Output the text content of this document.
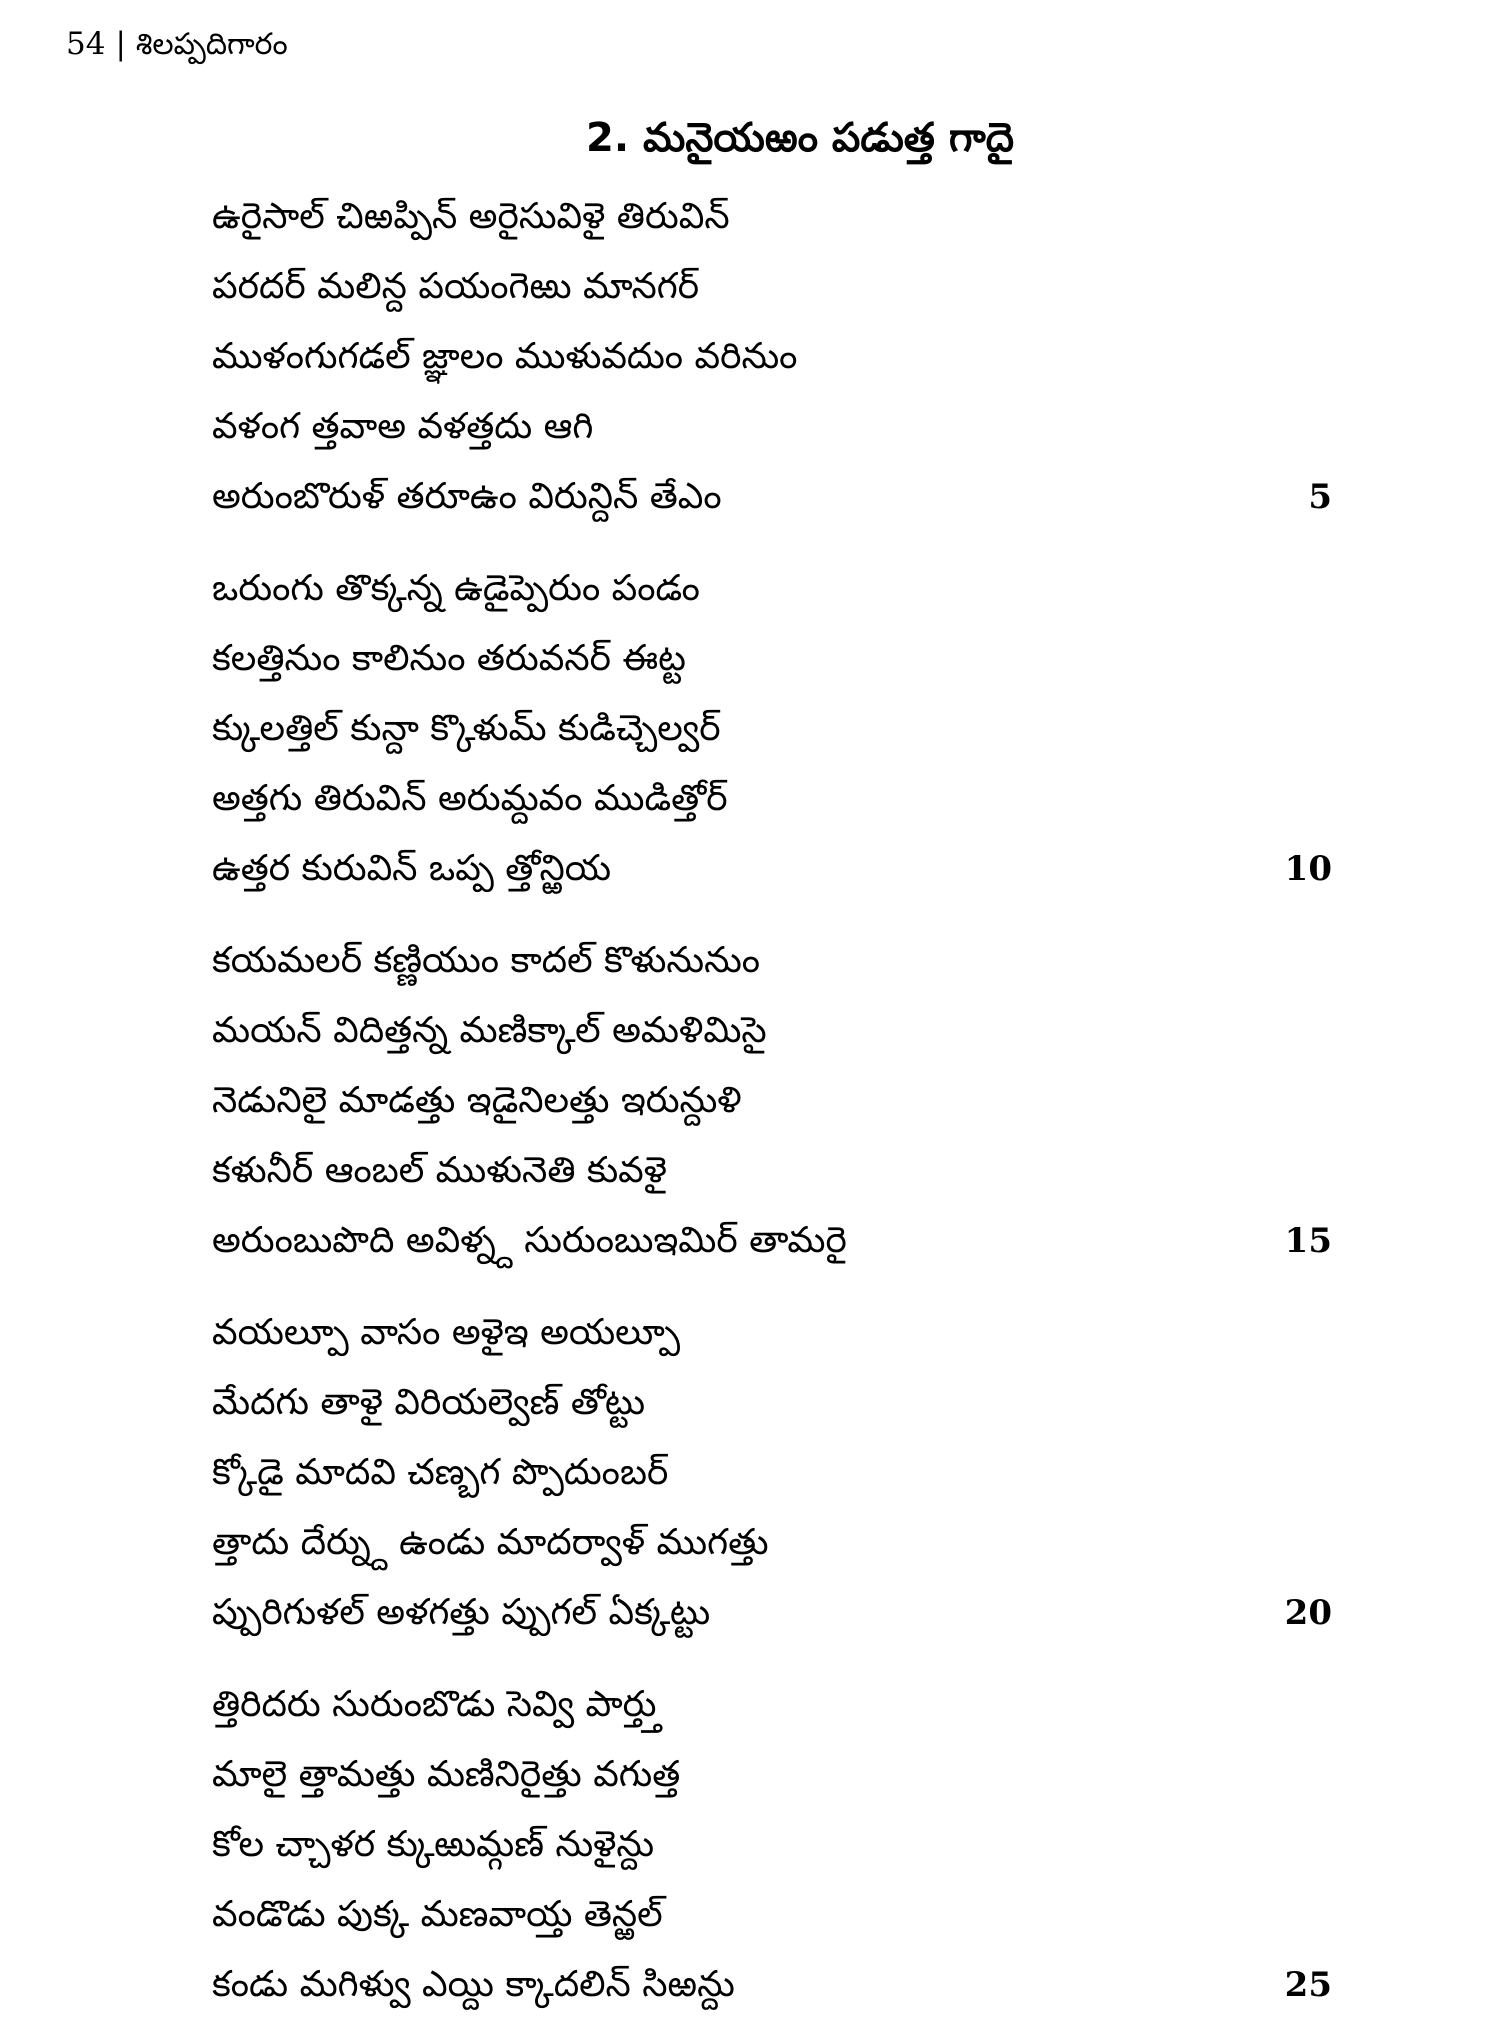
54 | శిలప్పదిగారం
2. మనైయఱం పడుత్త గాదై
ఉరైసాల్ చిఱప్పిన్ అరైసువిళై తిరువిన్
పరదర్ మలిన్ద పయంగెఱు మానగర్
ముళంగుగడల్ జ్ఞాలం ముళువదుం వరినుం
వళంగ త్తవాఅ వళత్తదు ఆగి
అరుంబొరుళ్ తరూఉం విరున్దిన్ తేఎం	5
ఒరుంగు తొక్కన్న ఉడైప్పెరుం పండం
కలత్తినుం కాలినుం తరువనర్ ఈట్ట
క్కులత్తిల్ కున్దా క్కొళుమ్ కుడిచ్చెల్వర్
అత్తగు తిరువిన్ అరుమ్దవం ముడిత్తోర్
ఉత్తర కురువిన్ ఒప్ప త్తోన్ఱియ	10
కయమలర్ కణ్ణియుం కాదల్ కొళునునుం
మయన్ విదిత్తన్న మణిక్కాల్ అమళిమిసై
నెడునిలై మాడత్తు ఇడైనిలత్తు ఇరున్దుళి
కళునీర్ ఆంబల్ ముళునెతి కువళై
అరుంబుపొది అవిళ్న్ద సురుంబుఇమిర్ తామరై	15
వయల్పూ వాసం అళైఇ అయల్పూ
మేదగు తాళై విరియల్వెణ్ తోట్టు
క్కోడై మాదవి చణ్బగ ప్పొదుంబర్
త్తాదు దేర్న్దు ఉండు మాదర్వాళ్ ముగత్తు
ప్పురిగుళల్ అళగత్తు ప్పుగల్ ఏక్కట్టు	20
త్తిరిదరు సురుంబొడు సెవ్వి పార్త్తు
మాలై త్తామత్తు మణినిరైత్తు వగుత్త
కోల చ్చాళర క్కుఱుమ్గణ్ నుళైన్దు
వండొడు పుక్క మణవాయ్త తెన్ఱల్
కండు మగిళ్వు ఎయ్ది క్కాదలిన్ సిఱన్దు	25
